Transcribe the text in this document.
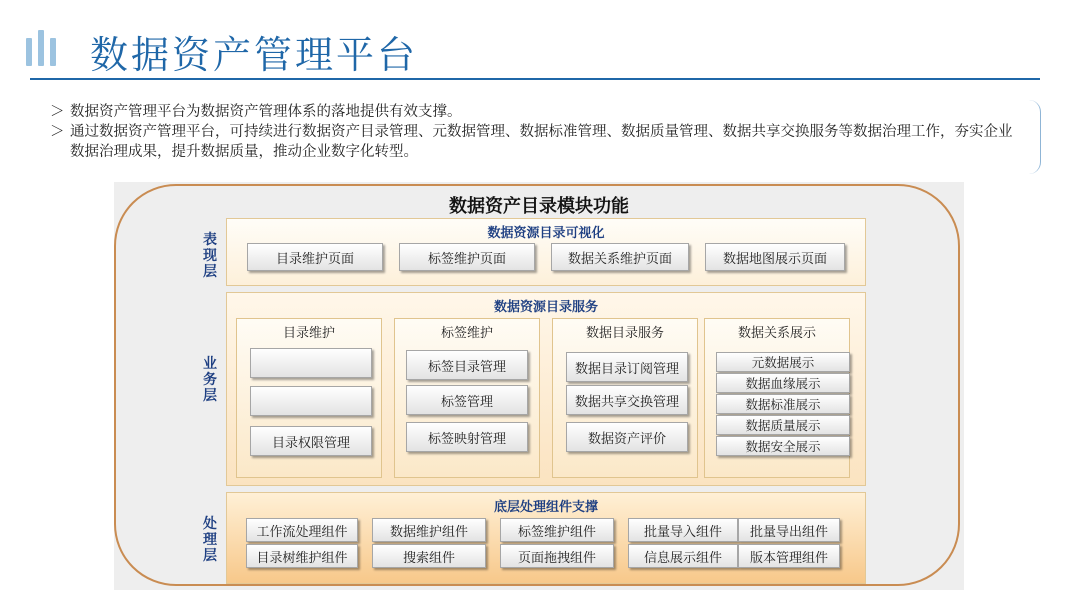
数据资产管理平台
＞ 数据资产管理平台为数据资产管理体系的落地提供有效支撑。
＞ 通过数据资产管理平台，可持续进行数据资产目录管理、元数据管理、数据标准管理、数据质量管理、数据共享交换服务等数据治理工作，夯实企业数据治理成果，提升数据质量，推动企业数字化转型。
数据资产目录模块功能
表
现
层
数据资源目录可视化
目录维护页面	标签维护页面	数据关系维护页面	数据地图展示页面
业
务
层
数据资源目录服务
目录维护
目录权限管理
标签维护
标签目录管理
标签管理
标签映射管理
数据目录服务
数据目录订阅管理
数据共享交换管理
数据资产评价
数据关系展示
元数据展示
数据血缘展示
数据标准展示
数据质量展示
数据安全展示
处
理
层
底层处理组件支撑
工作流处理组件	数据维护组件	标签维护组件	批量导入组件	批量导出组件
目录树维护组件	搜索组件	页面拖拽组件	信息展示组件	版本管理组件
